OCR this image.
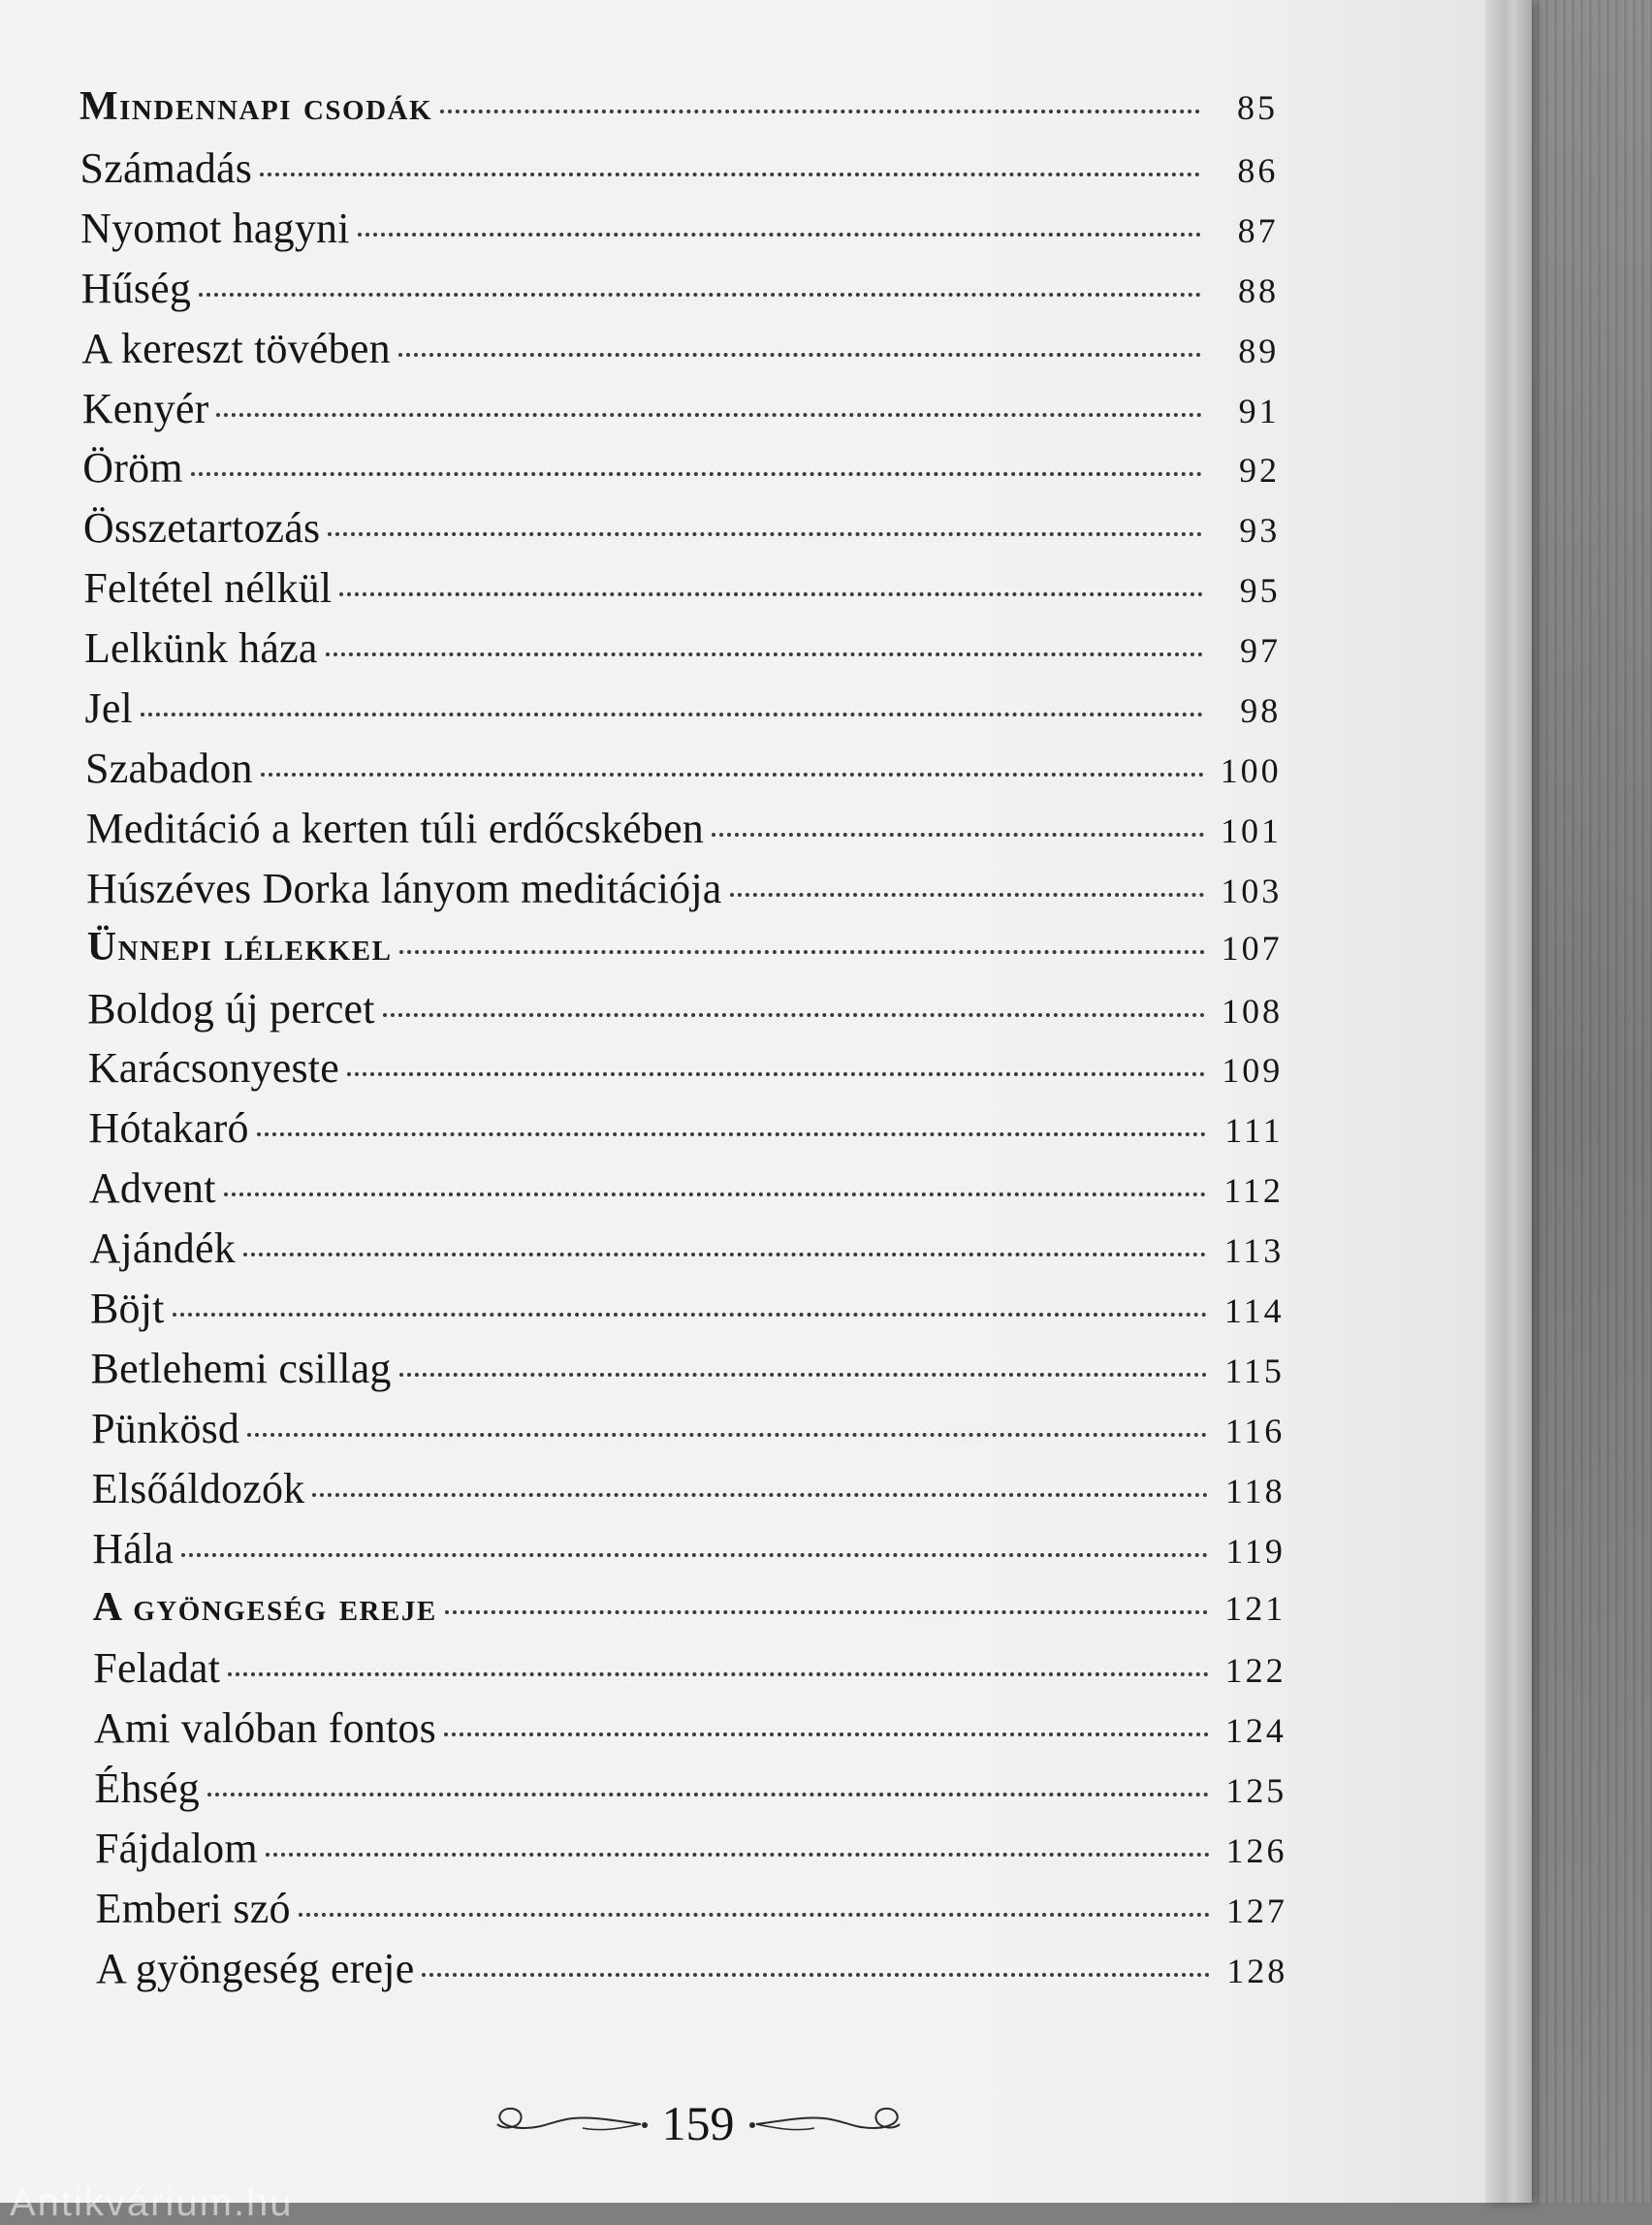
Mindennapi csodák	85
Számadás	86
Nyomot hagyni	87
Hűség	88
A kereszt tövében	89
Kenyér	91
Öröm	92
Összetartozás	93
Feltétel nélkül	95
Lelkünk háza	97
Jel	98
Szabadon	100
Meditáció a kerten túli erdőcskében	101
Húszéves Dorka lányom meditációja	103
Ünnepi lélekkel	107
Boldog új percet	108
Karácsonyeste	109
Hótakaró	111
Advent	112
Ajándék	113
Böjt	114
Betlehemi csillag	115
Pünkösd	116
Elsőáldozók	118
Hála	119
A gyöngeség ereje	121
Feladat	122
Ami valóban fontos	124
Éhség	125
Fájdalom	126
Emberi szó	127
A gyöngeség ereje	128
159
Antikvárium.hu
